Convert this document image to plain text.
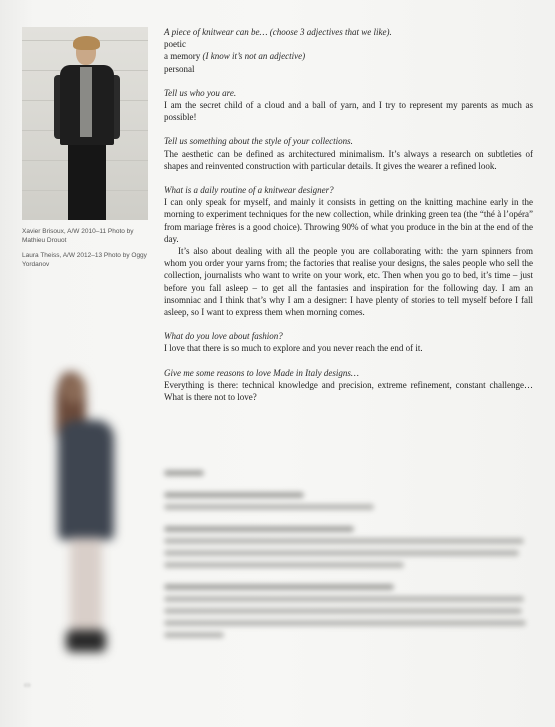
Xavier Brisoux, A/W 2010–11 Photo by Mathieu Drouot
Laura Theiss, A/W 2012–13 Photo by Oggy Yordanov
A piece of knitwear can be… (choose 3 adjectives that we like).
poetic
a memory (I know it’s not an adjective)
personal
Tell us who you are.

I am the secret child of a cloud and a ball of yarn, and I try to represent my parents as much as possible!

Tell us something about the style of your collections.

The aesthetic can be defined as architectured minimalism. It’s always a research on subtleties of shapes and reinvented construction with particular details. It gives the wearer a refined look.

What is a daily routine of a knitwear designer?

I can only speak for myself, and mainly it consists in getting on the knitting machine early in the morning to experiment techniques for the new collection, while drinking green tea (the “thé à l’opéra” from mariage frères is a good choice). Throwing 90% of what you produce in the bin at the end of the day.

It’s also about dealing with all the people you are collaborating with: the yarn spinners from whom you order your yarns from; the factories that realise your designs, the sales people who sell the collection, journalists who want to write on your work, etc. Then when you go to bed, it’s time – just before you fall asleep – to get all the fantasies and inspiration for the following day. I am an insomniac and I think that’s why I am a designer: I have plenty of stories to tell myself before I fall asleep, so I want to express them when morning comes.

What do you love about fashion?

I love that there is so much to explore and you never reach the end of it.

Give me some reasons to love Made in Italy designs…

Everything is there: technical knowledge and precision, extreme refinement, constant challenge… What is there not to love?

▭
